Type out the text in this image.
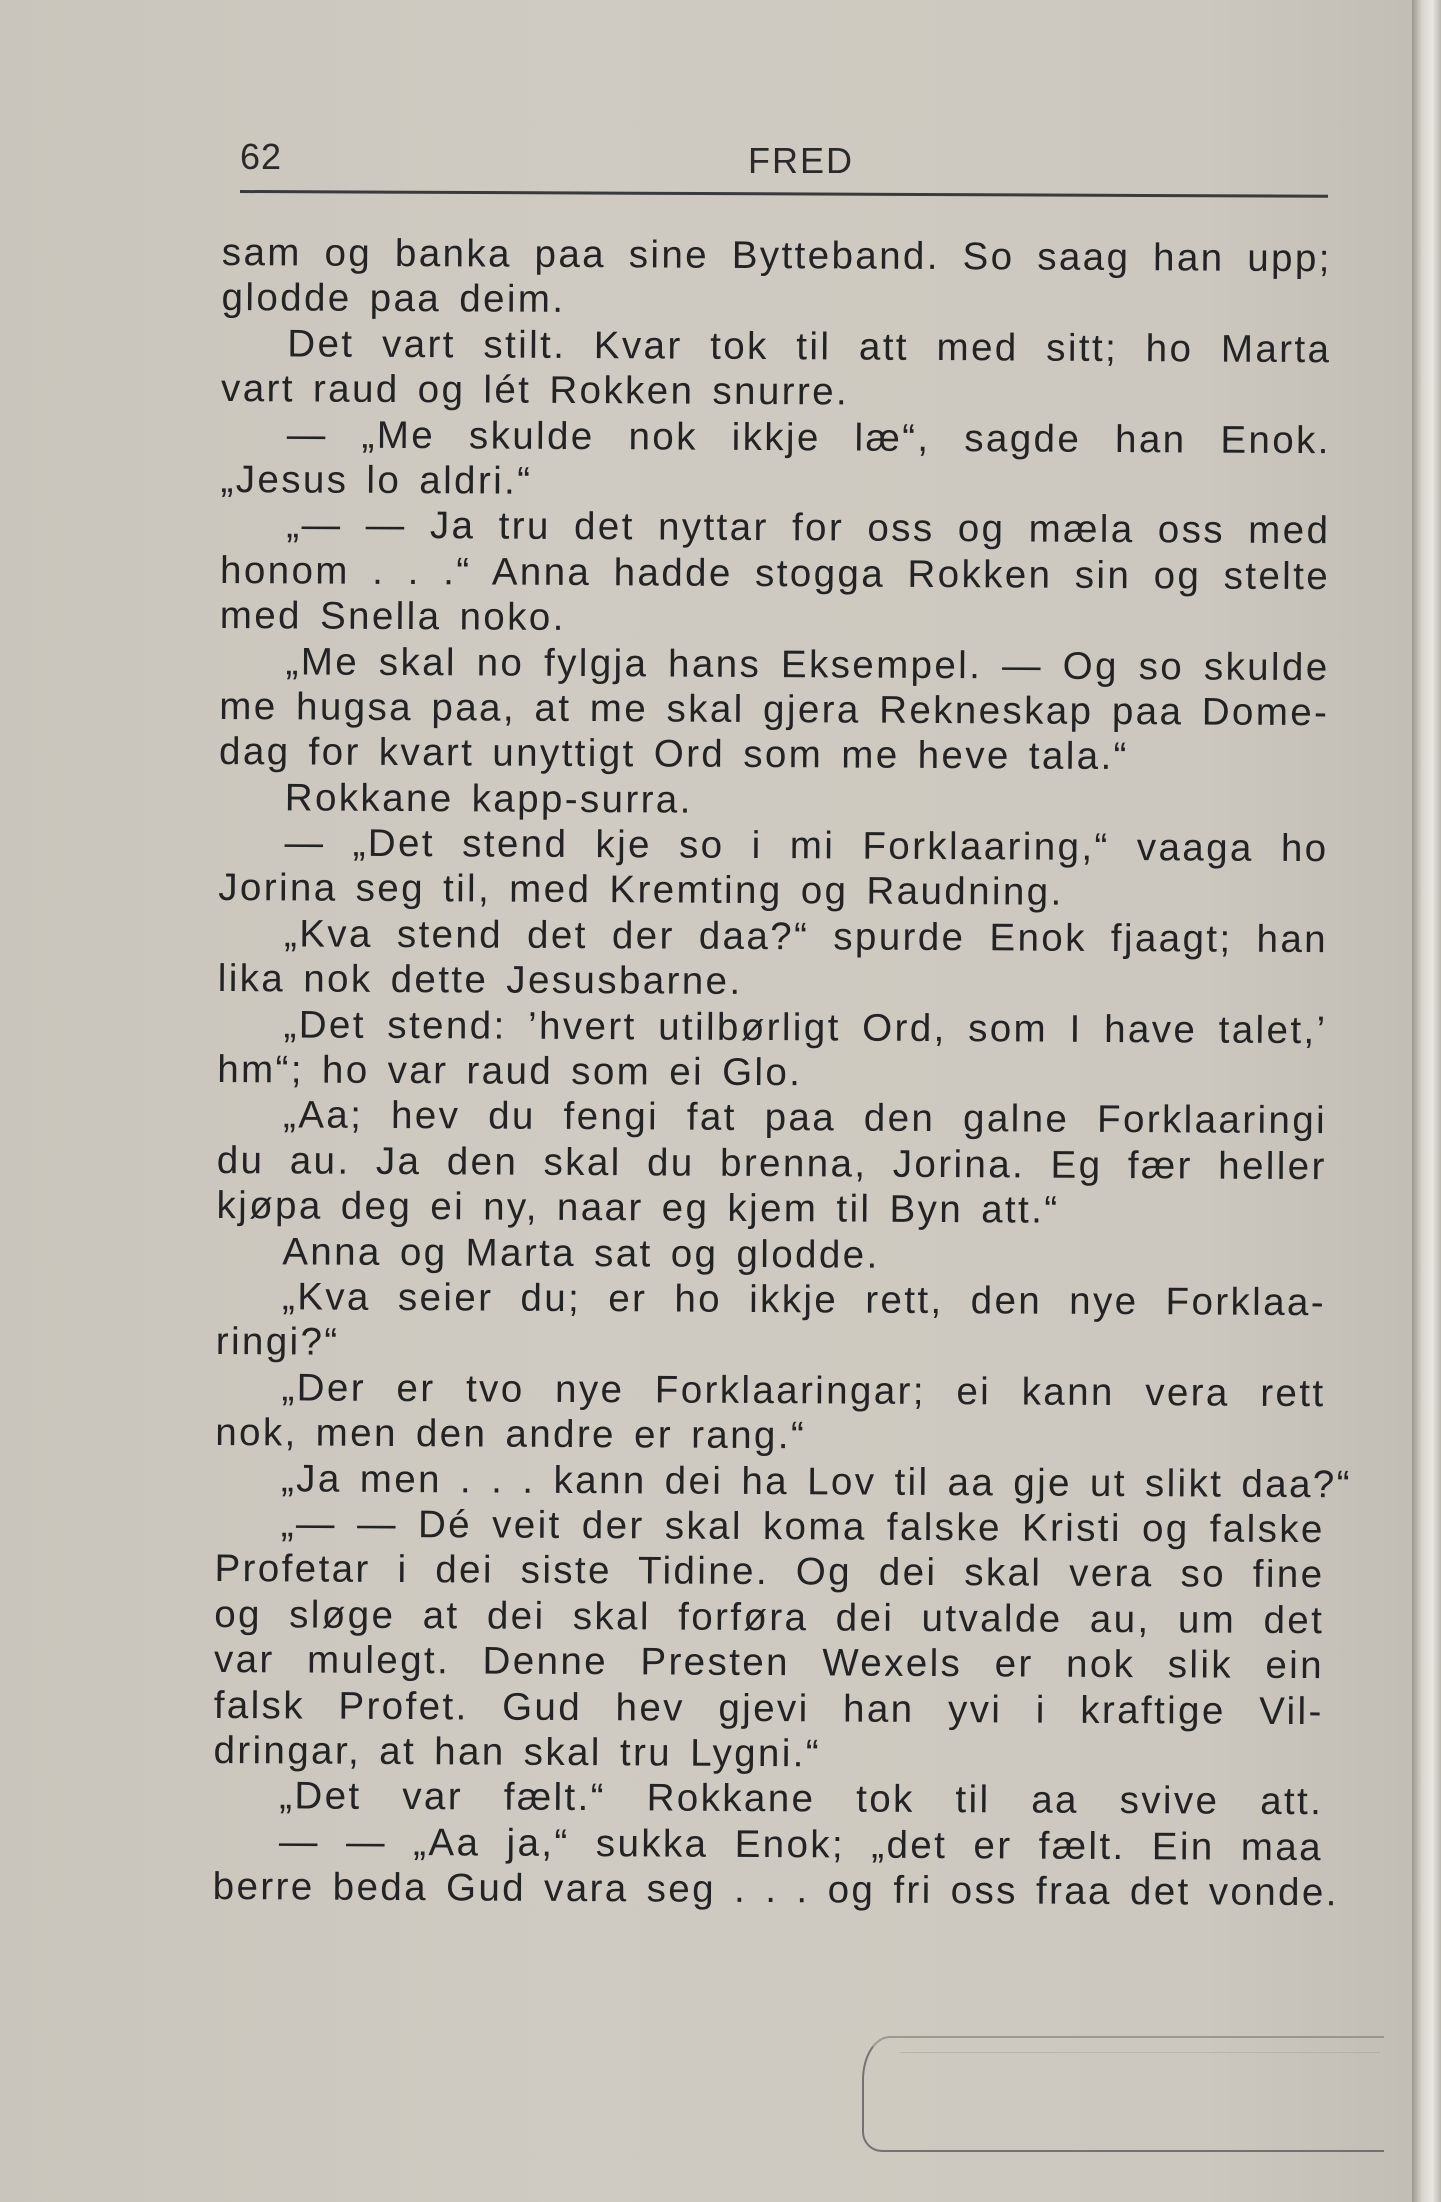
62	FRED
sam og banka paa sine Bytteband. So saag han upp;
glodde paa deim.
Det vart stilt. Kvar tok til att med sitt; ho Marta
vart raud og lét Rokken snurre.
— „Me skulde nok ikkje læ“, sagde han Enok.
„Jesus lo aldri.“
„— — Ja tru det nyttar for oss og mæla oss med
honom . . .“ Anna hadde stogga Rokken sin og stelte
med Snella noko.
„Me skal no fylgja hans Eksempel. — Og so skulde
me hugsa paa, at me skal gjera Rekneskap paa Dome-
dag for kvart unyttigt Ord som me heve tala.“
Rokkane kapp-surra.
— „Det stend kje so i mi Forklaaring,“ vaaga ho
Jorina seg til, med Kremting og Raudning.
„Kva stend det der daa?“ spurde Enok fjaagt; han
lika nok dette Jesusbarne.
„Det stend: ’hvert utilbørligt Ord, som I have talet,’
hm“; ho var raud som ei Glo.
„Aa; hev du fengi fat paa den galne Forklaaringi
du au. Ja den skal du brenna, Jorina. Eg fær heller
kjøpa deg ei ny, naar eg kjem til Byn att.“
Anna og Marta sat og glodde.
„Kva seier du; er ho ikkje rett, den nye Forklaa-
ringi?“
„Der er tvo nye Forklaaringar; ei kann vera rett
nok, men den andre er rang.“
„Ja men . . . kann dei ha Lov til aa gje ut slikt daa?“
„— — Dé veit der skal koma falske Kristi og falske
Profetar i dei siste Tidine. Og dei skal vera so fine
og sløge at dei skal forføra dei utvalde au, um det
var mulegt. Denne Presten Wexels er nok slik ein
falsk Profet. Gud hev gjevi han yvi i kraftige Vil-
dringar, at han skal tru Lygni.“
„Det var fælt.“ Rokkane tok til aa svive att.
— — „Aa ja,“ sukka Enok; „det er fælt. Ein maa
berre beda Gud vara seg . . . og fri oss fraa det vonde.
